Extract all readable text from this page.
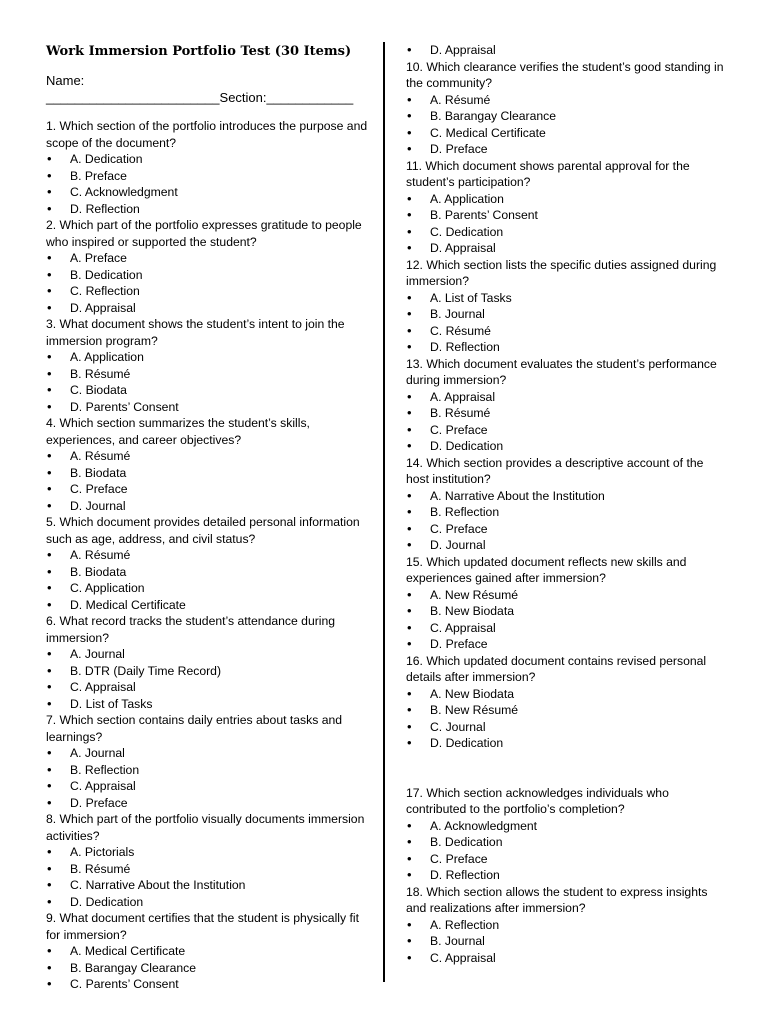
Work Immersion Portfolio Test (30 Items)
Name: ________________________Section:____________
1. Which section of the portfolio introduces the purpose and scope of the document?
• A. Dedication
• B. Preface
• C. Acknowledgment
• D. Reflection
2. Which part of the portfolio expresses gratitude to people who inspired or supported the student?
• A. Preface
• B. Dedication
• C. Reflection
• D. Appraisal
3. What document shows the student’s intent to join the immersion program?
• A. Application
• B. Résumé
• C. Biodata
• D. Parents’ Consent
4. Which section summarizes the student’s skills, experiences, and career objectives?
• A. Résumé
• B. Biodata
• C. Preface
• D. Journal
5. Which document provides detailed personal information such as age, address, and civil status?
• A. Résumé
• B. Biodata
• C. Application
• D. Medical Certificate
6. What record tracks the student’s attendance during immersion?
• A. Journal
• B. DTR (Daily Time Record)
• C. Appraisal
• D. List of Tasks
7. Which section contains daily entries about tasks and learnings?
• A. Journal
• B. Reflection
• C. Appraisal
• D. Preface
8. Which part of the portfolio visually documents immersion activities?
• A. Pictorials
• B. Résumé
• C. Narrative About the Institution
• D. Dedication
9. What document certifies that the student is physically fit for immersion?
• A. Medical Certificate
• B. Barangay Clearance
• C. Parents’ Consent
• D. Appraisal
10. Which clearance verifies the student’s good standing in the community?
• A. Résumé
• B. Barangay Clearance
• C. Medical Certificate
• D. Preface
11. Which document shows parental approval for the student’s participation?
• A. Application
• B. Parents’ Consent
• C. Dedication
• D. Appraisal
12. Which section lists the specific duties assigned during immersion?
• A. List of Tasks
• B. Journal
• C. Résumé
• D. Reflection
13. Which document evaluates the student’s performance during immersion?
• A. Appraisal
• B. Résumé
• C. Preface
• D. Dedication
14. Which section provides a descriptive account of the host institution?
• A. Narrative About the Institution
• B. Reflection
• C. Preface
• D. Journal
15. Which updated document reflects new skills and experiences gained after immersion?
• A. New Résumé
• B. New Biodata
• C. Appraisal
• D. Preface
16. Which updated document contains revised personal details after immersion?
• A. New Biodata
• B. New Résumé
• C. Journal
• D. Dedication
17. Which section acknowledges individuals who contributed to the portfolio’s completion?
• A. Acknowledgment
• B. Dedication
• C. Preface
• D. Reflection
18. Which section allows the student to express insights and realizations after immersion?
• A. Reflection
• B. Journal
• C. Appraisal
